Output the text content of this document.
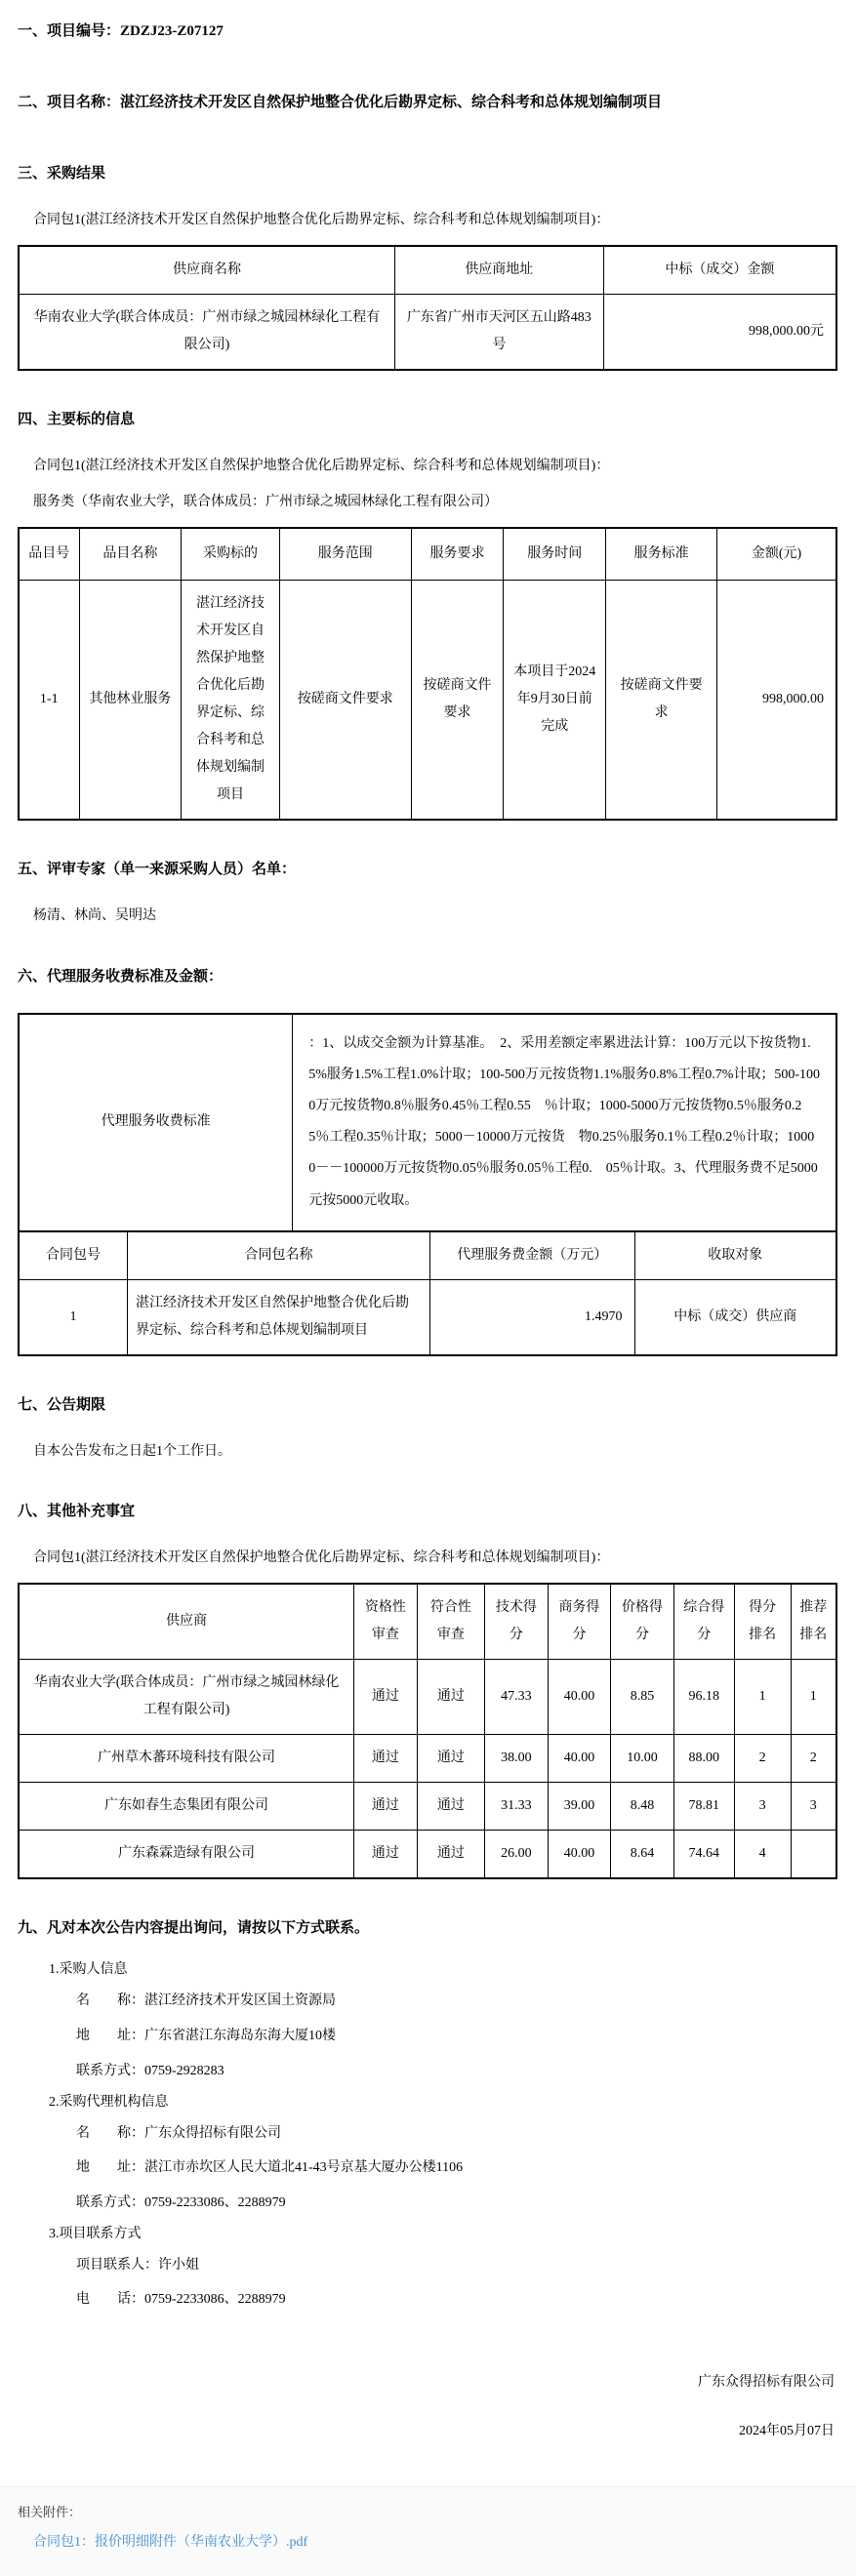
一、项目编号：ZDZJ23-Z07127
二、项目名称：湛江经济技术开发区自然保护地整合优化后勘界定标、综合科考和总体规划编制项目
三、采购结果
合同包1(湛江经济技术开发区自然保护地整合优化后勘界定标、综合科考和总体规划编制项目)：
供应商名称	供应商地址	中标（成交）金额
华南农业大学(联合体成员：广州市绿之城园林绿化工程有限公司)	广东省广州市天河区五山路483号	998,000.00元
四、主要标的信息
合同包1(湛江经济技术开发区自然保护地整合优化后勘界定标、综合科考和总体规划编制项目)：
服务类（华南农业大学，联合体成员：广州市绿之城园林绿化工程有限公司）
品目号	品目名称	采购标的	服务范围	服务要求	服务时间	服务标准	金额(元)
1-1	其他林业服务	湛江经济技术开发区自然保护地整合优化后勘界定标、综合科考和总体规划编制项目	按磋商文件要求	按磋商文件要求	本项目于2024年9月30日前完成	按磋商文件要求	998,000.00
五、评审专家（单一来源采购人员）名单：
杨清、林尚、吴明达
六、代理服务收费标准及金额：
代理服务收费标准	：1、以成交金额为计算基准。  2、采用差额定率累进法计算：100万元以下按货物1.5%服务1.5%工程1.0%计取；100-500万元按货物1.1%服务0.8%工程0.7%计取；500-1000万元按货物0.8％服务0.45％工程0.55　％计取；1000-5000万元按货物0.5％服务0.25％工程0.35％计取；5000－10000万元按货　物0.25％服务0.1％工程0.2％计取；10000－－100000万元按货物0.05％服务0.05％工程0.　05％计取。3、代理服务费不足5000元按5000元收取。
合同包号	合同包名称	代理服务费金额（万元）	收取对象
1	湛江经济技术开发区自然保护地整合优化后勘界定标、综合科考和总体规划编制项目	1.4970	中标（成交）供应商
七、公告期限
自本公告发布之日起1个工作日。
八、其他补充事宜
合同包1(湛江经济技术开发区自然保护地整合优化后勘界定标、综合科考和总体规划编制项目)：
供应商	资格性审查	符合性审查	技术得分	商务得分	价格得分	综合得分	得分排名	推荐排名
华南农业大学(联合体成员：广州市绿之城园林绿化工程有限公司)	通过	通过	47.33	40.00	8.85	96.18	1	1
广州草木蕃环境科技有限公司	通过	通过	38.00	40.00	10.00	88.00	2	2
广东如春生态集团有限公司	通过	通过	31.33	39.00	8.48	78.81	3	3
广东森霖造绿有限公司	通过	通过	26.00	40.00	8.64	74.64	4	
九、凡对本次公告内容提出询问，请按以下方式联系。
1.采购人信息
名　　称：湛江经济技术开发区国土资源局
地　　址：广东省湛江东海岛东海大厦10楼
联系方式：0759-2928283
2.采购代理机构信息
名　　称：广东众得招标有限公司
地　　址：湛江市赤坎区人民大道北41-43号京基大厦办公楼1106
联系方式：0759-2233086、2288979
3.项目联系方式
项目联系人：许小姐
电　　话：0759-2233086、2288979
广东众得招标有限公司
2024年05月07日
相关附件：
合同包1：报价明细附件（华南农业大学）.pdf
